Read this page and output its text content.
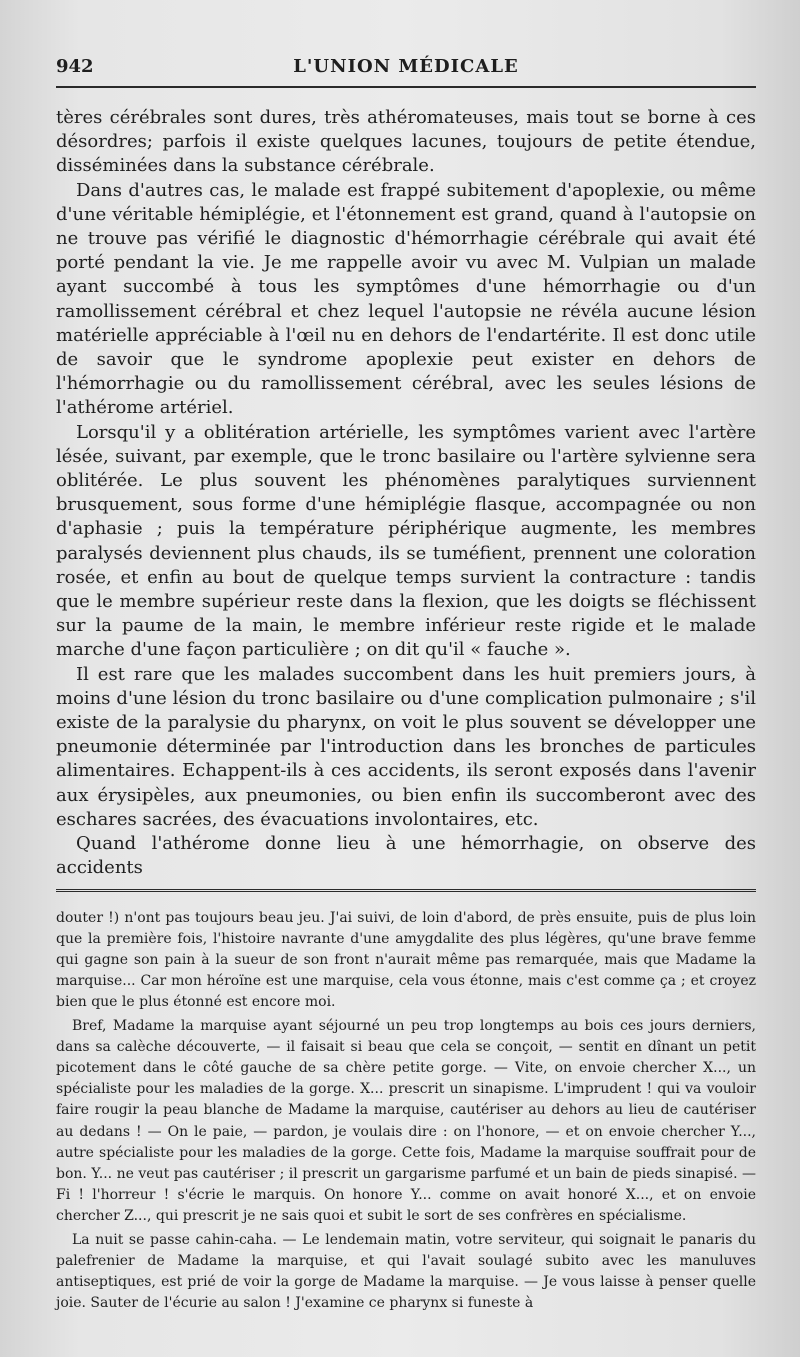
942	L'UNION MÉDICALE

tères cérébrales sont dures, très athéromateuses, mais tout se borne à ces désordres; parfois il existe quelques lacunes, toujours de petite étendue, disséminées dans la substance cérébrale.

Dans d'autres cas, le malade est frappé subitement d'apoplexie, ou même d'une véritable hémiplégie, et l'étonnement est grand, quand à l'autopsie on ne trouve pas vérifié le diagnostic d'hémorrhagie cérébrale qui avait été porté pendant la vie. Je me rappelle avoir vu avec M. Vulpian un malade ayant succombé à tous les symptômes d'une hémorrhagie ou d'un ramollissement cérébral et chez lequel l'autopsie ne révéla aucune lésion matérielle appréciable à l'œil nu en dehors de l'endartérite. Il est donc utile de savoir que le syndrome apoplexie peut exister en dehors de l'hémorrhagie ou du ramollissement cérébral, avec les seules lésions de l'athérome artériel.

Lorsqu'il y a oblitération artérielle, les symptômes varient avec l'artère lésée, suivant, par exemple, que le tronc basilaire ou l'artère sylvienne sera oblitérée. Le plus souvent les phénomènes paralytiques surviennent brusquement, sous forme d'une hémiplégie flasque, accompagnée ou non d'aphasie ; puis la température périphérique augmente, les membres paralysés deviennent plus chauds, ils se tuméfient, prennent une coloration rosée, et enfin au bout de quelque temps survient la contracture : tandis que le membre supérieur reste dans la flexion, que les doigts se fléchissent sur la paume de la main, le membre inférieur reste rigide et le malade marche d'une façon particulière ; on dit qu'il « fauche ».

Il est rare que les malades succombent dans les huit premiers jours, à moins d'une lésion du tronc basilaire ou d'une complication pulmonaire ; s'il existe de la paralysie du pharynx, on voit le plus souvent se développer une pneumonie déterminée par l'introduction dans les bronches de particules alimentaires. Echappent-ils à ces accidents, ils seront exposés dans l'avenir aux érysipèles, aux pneumonies, ou bien enfin ils succomberont avec des eschares sacrées, des évacuations involontaires, etc.

Quand l'athérome donne lieu à une hémorrhagie, on observe des accidents

douter !) n'ont pas toujours beau jeu. J'ai suivi, de loin d'abord, de près ensuite, puis de plus loin que la première fois, l'histoire navrante d'une amygdalite des plus légères, qu'une brave femme qui gagne son pain à la sueur de son front n'aurait même pas remarquée, mais que Madame la marquise... Car mon héroïne est une marquise, cela vous étonne, mais c'est comme ça ; et croyez bien que le plus étonné est encore moi.

Bref, Madame la marquise ayant séjourné un peu trop longtemps au bois ces jours derniers, dans sa calèche découverte, — il faisait si beau que cela se conçoit, — sentit en dînant un petit picotement dans le côté gauche de sa chère petite gorge. — Vite, on envoie chercher X..., un spécialiste pour les maladies de la gorge. X... prescrit un sinapisme. L'imprudent ! qui va vouloir faire rougir la peau blanche de Madame la marquise, cautériser au dehors au lieu de cautériser au dedans ! — On le paie, — pardon, je voulais dire : on l'honore, — et on envoie chercher Y..., autre spécialiste pour les maladies de la gorge. Cette fois, Madame la marquise souffrait pour de bon. Y... ne veut pas cautériser ; il prescrit un gargarisme parfumé et un bain de pieds sinapisé. — Fi ! l'horreur ! s'écrie le marquis. On honore Y... comme on avait honoré X..., et on envoie chercher Z..., qui prescrit je ne sais quoi et subit le sort de ses confrères en spécialisme.

La nuit se passe cahin-caha. — Le lendemain matin, votre serviteur, qui soignait le panaris du palefrenier de Madame la marquise, et qui l'avait soulagé subito avec les manuluves antiseptiques, est prié de voir la gorge de Madame la marquise. — Je vous laisse à penser quelle joie. Sauter de l'écurie au salon ! J'examine ce pharynx si funeste à
